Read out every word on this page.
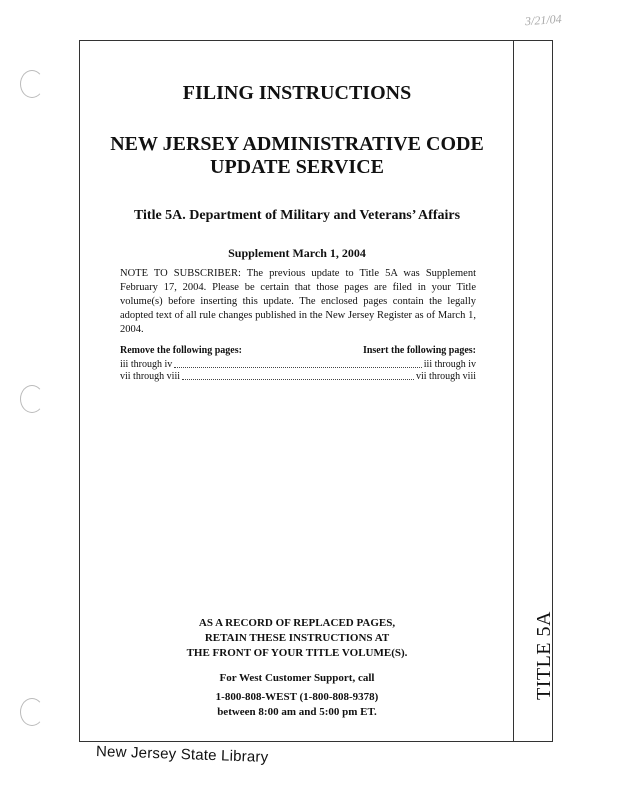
3/21/04
TITLE 5A
FILING INSTRUCTIONS
NEW JERSEY ADMINISTRATIVE CODE
UPDATE SERVICE
Title 5A. Department of Military and Veterans’ Affairs
Supplement March 1, 2004
NOTE TO SUBSCRIBER: The previous update to Title 5A was Supplement February 17, 2004. Please be certain that those pages are filed in your Title volume(s) before inserting this update. The enclosed pages contain the legally adopted text of all rule changes published in the New Jersey Register as of March 1, 2004.
Remove the following pages:	Insert the following pages:
iii through iv	iii through iv
vii through viii	vii through viii
AS A RECORD OF REPLACED PAGES,
RETAIN THESE INSTRUCTIONS AT
THE FRONT OF YOUR TITLE VOLUME(S).
For West Customer Support, call
1-800-808-WEST (1-800-808-9378)
between 8:00 am and 5:00 pm ET.
New Jersey State Library
